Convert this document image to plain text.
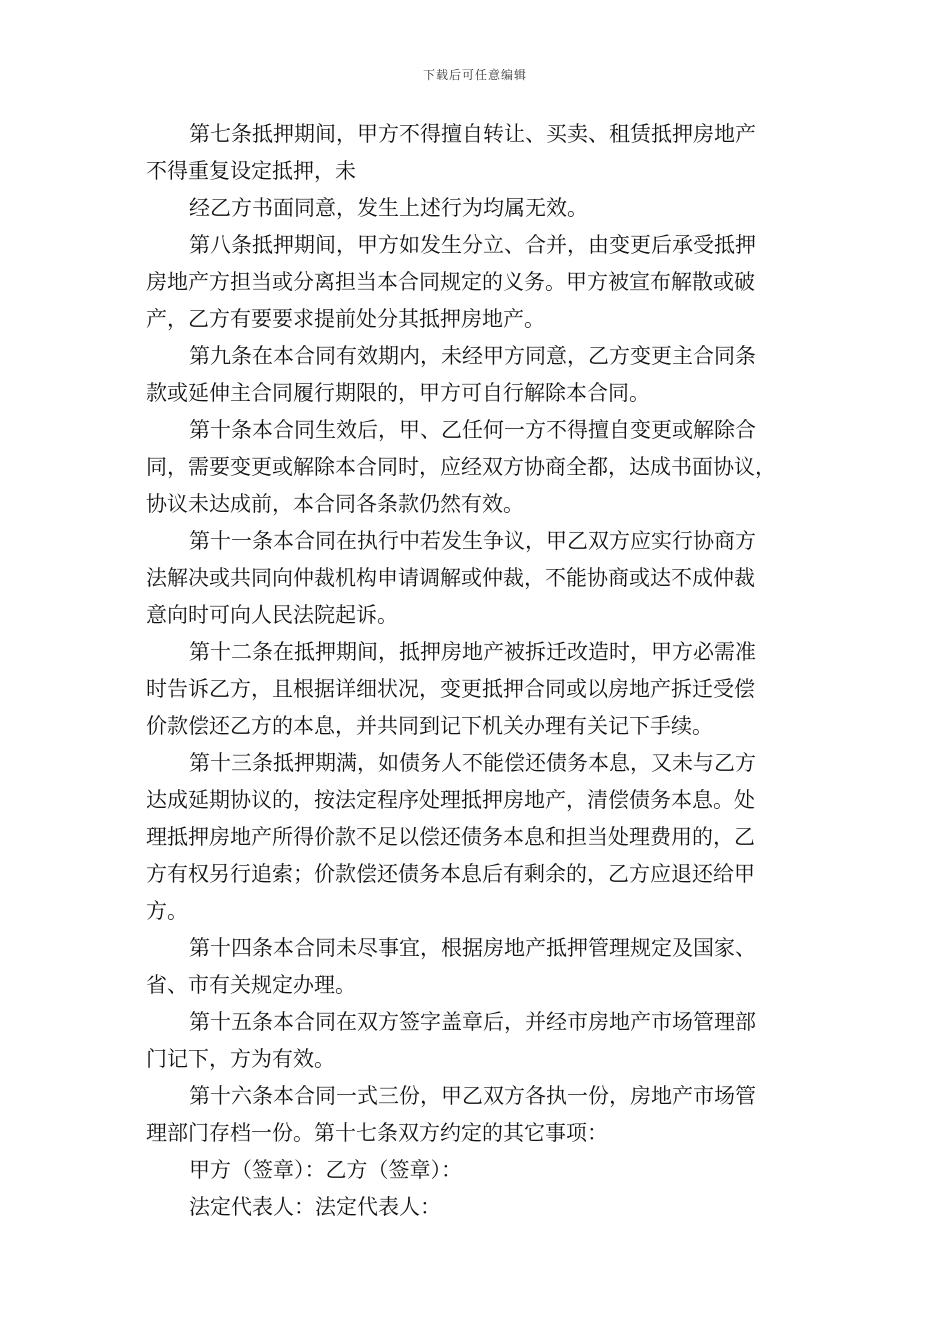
下载后可任意编辑
第七条抵押期间，甲方不得擅自转让、买卖、租赁抵押房地产
不得重复设定抵押，未
经乙方书面同意，发生上述行为均属无效。
第八条抵押期间，甲方如发生分立、合并，由变更后承受抵押
房地产方担当或分离担当本合同规定的义务。甲方被宣布解散或破
产，乙方有要要求提前处分其抵押房地产。
第九条在本合同有效期内，未经甲方同意，乙方变更主合同条
款或延伸主合同履行期限的，甲方可自行解除本合同。
第十条本合同生效后，甲、乙任何一方不得擅自变更或解除合
同，需要变更或解除本合同时，应经双方协商全都，达成书面协议，
协议未达成前，本合同各条款仍然有效。
第十一条本合同在执行中若发生争议，甲乙双方应实行协商方
法解决或共同向仲裁机构申请调解或仲裁，不能协商或达不成仲裁
意向时可向人民法院起诉。
第十二条在抵押期间，抵押房地产被拆迁改造时，甲方必需准
时告诉乙方，且根据详细状况，变更抵押合同或以房地产拆迁受偿
价款偿还乙方的本息，并共同到记下机关办理有关记下手续。
第十三条抵押期满，如债务人不能偿还债务本息，又未与乙方
达成延期协议的，按法定程序处理抵押房地产，清偿债务本息。处
理抵押房地产所得价款不足以偿还债务本息和担当处理费用的，乙
方有权另行追索；价款偿还债务本息后有剩余的，乙方应退还给甲
方。
第十四条本合同未尽事宜，根据房地产抵押管理规定及国家、
省、市有关规定办理。
第十五条本合同在双方签字盖章后，并经市房地产市场管理部
门记下，方为有效。
第十六条本合同一式三份，甲乙双方各执一份，房地产市场管
理部门存档一份。第十七条双方约定的其它事项：
甲方（签章）：乙方（签章）：
法定代表人：法定代表人：
